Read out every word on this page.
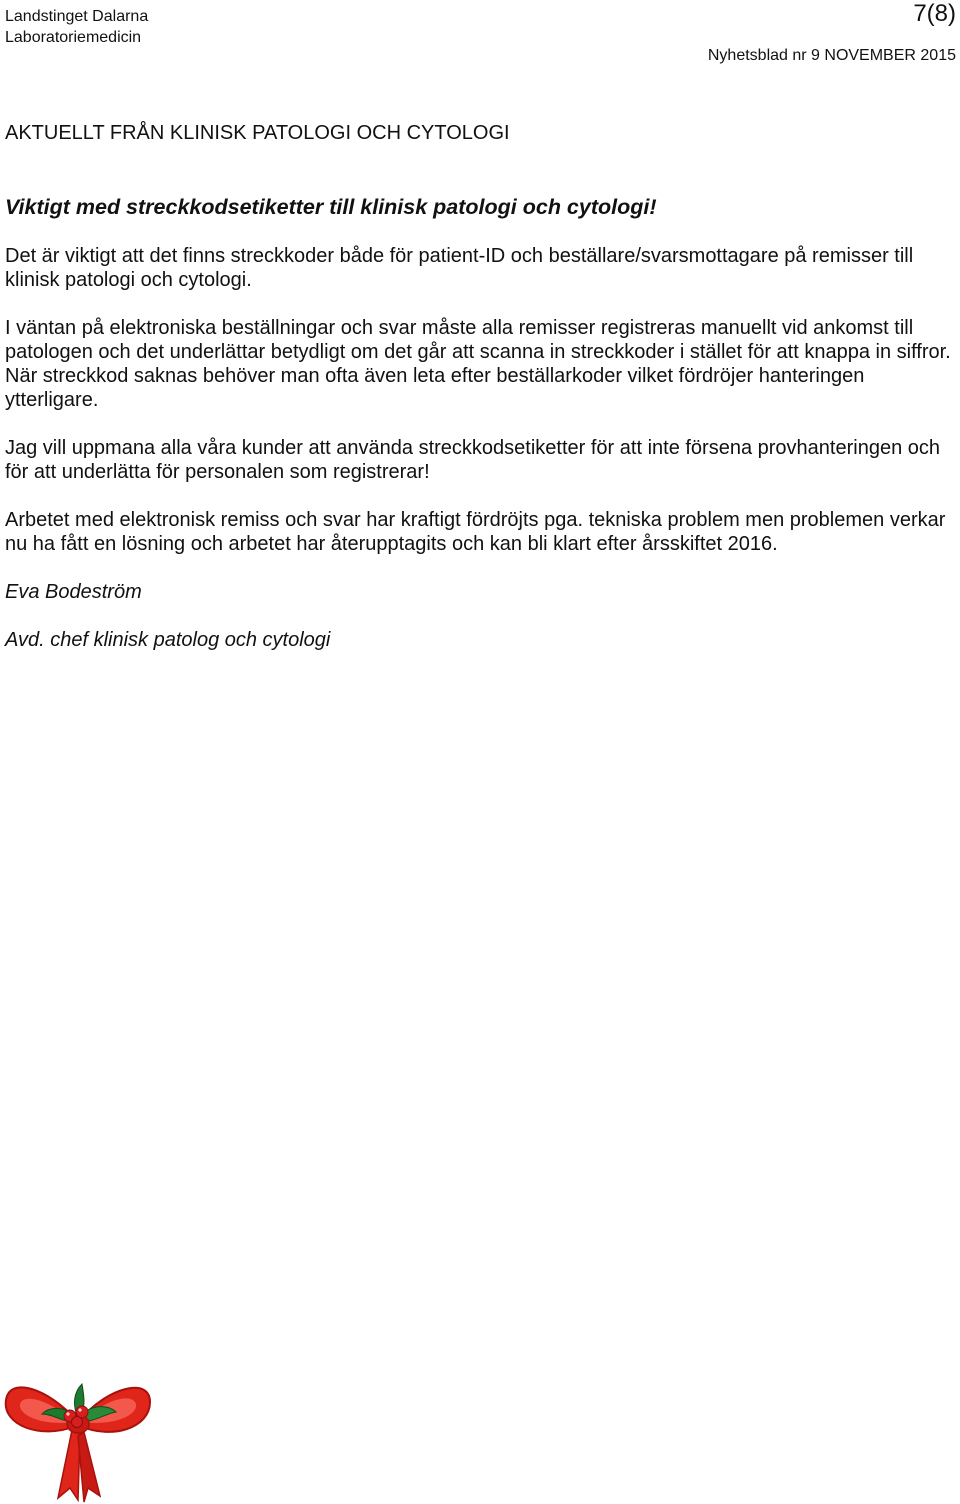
Landstinget Dalarna
Laboratoriemedicin
7(8)
Nyhetsblad nr 9 NOVEMBER 2015
AKTUELLT FRÅN KLINISK PATOLOGI OCH CYTOLOGI
Viktigt med streckkodsetiketter till klinisk patologi och cytologi!

Det är viktigt att det finns streckkoder både för patient-ID och beställare/svarsmottagare på remisser till klinisk patologi och cytologi.

I väntan på elektroniska beställningar och svar måste alla remisser registreras manuellt vid ankomst till patologen och det underlättar betydligt om det går att scanna in streckkoder i stället för att knappa in siffror. När streckkod saknas behöver man ofta även leta efter beställarkoder vilket fördröjer hanteringen ytterligare.

Jag vill uppmana alla våra kunder att använda streckkodsetiketter för att inte försena provhanteringen och för att underlätta för personalen som registrerar!

Arbetet med elektronisk remiss och svar har kraftigt fördröjts pga. tekniska problem men problemen verkar nu ha fått en lösning och arbetet har återupptagits och kan bli klart efter årsskiftet 2016.

Eva Bodeström

Avd. chef klinisk patolog och cytologi
